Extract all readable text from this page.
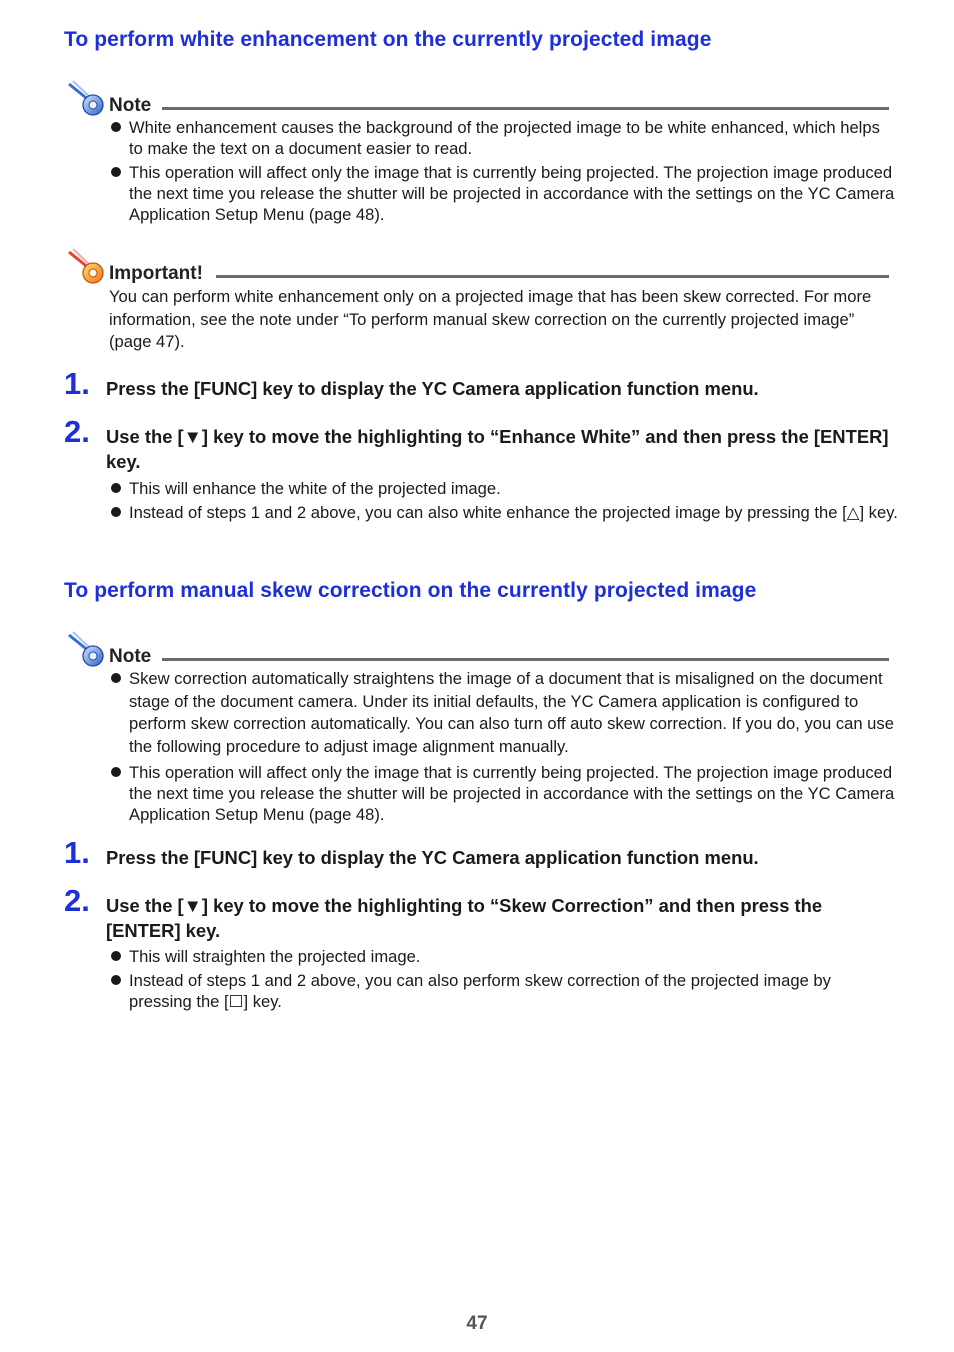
To perform white enhancement on the currently projected image
Note
White enhancement causes the background of the projected image to be white enhanced, which helps to make the text on a document easier to read.
This operation will affect only the image that is currently being projected. The projection image produced the next time you release the shutter will be projected in accordance with the settings on the YC Camera Application Setup Menu (page 48).
Important!

You can perform white enhancement only on a projected image that has been skew corrected. For more information, see the note under “To perform manual skew correction on the currently projected image” (page 47).

1. Press the [FUNC] key to display the YC Camera application function menu.
2. Use the [▼] key to move the highlighting to “Enhance White” and then press the [ENTER] key.
This will enhance the white of the projected image.
Instead of steps 1 and 2 above, you can also white enhance the projected image by pressing the [△] key.
To perform manual skew correction on the currently projected image
Note
Skew correction automatically straightens the image of a document that is misaligned on the document stage of the document camera. Under its initial defaults, the YC Camera application is configured to perform skew correction automatically. You can also turn off auto skew correction. If you do, you can use the following procedure to adjust image alignment manually.
This operation will affect only the image that is currently being projected. The projection image produced the next time you release the shutter will be projected in accordance with the settings on the YC Camera Application Setup Menu (page 48).
1. Press the [FUNC] key to display the YC Camera application function menu.
2. Use the [▼] key to move the highlighting to “Skew Correction” and then press the [ENTER] key.
This will straighten the projected image.
Instead of steps 1 and 2 above, you can also perform skew correction of the projected image by pressing the [☐] key.
47
